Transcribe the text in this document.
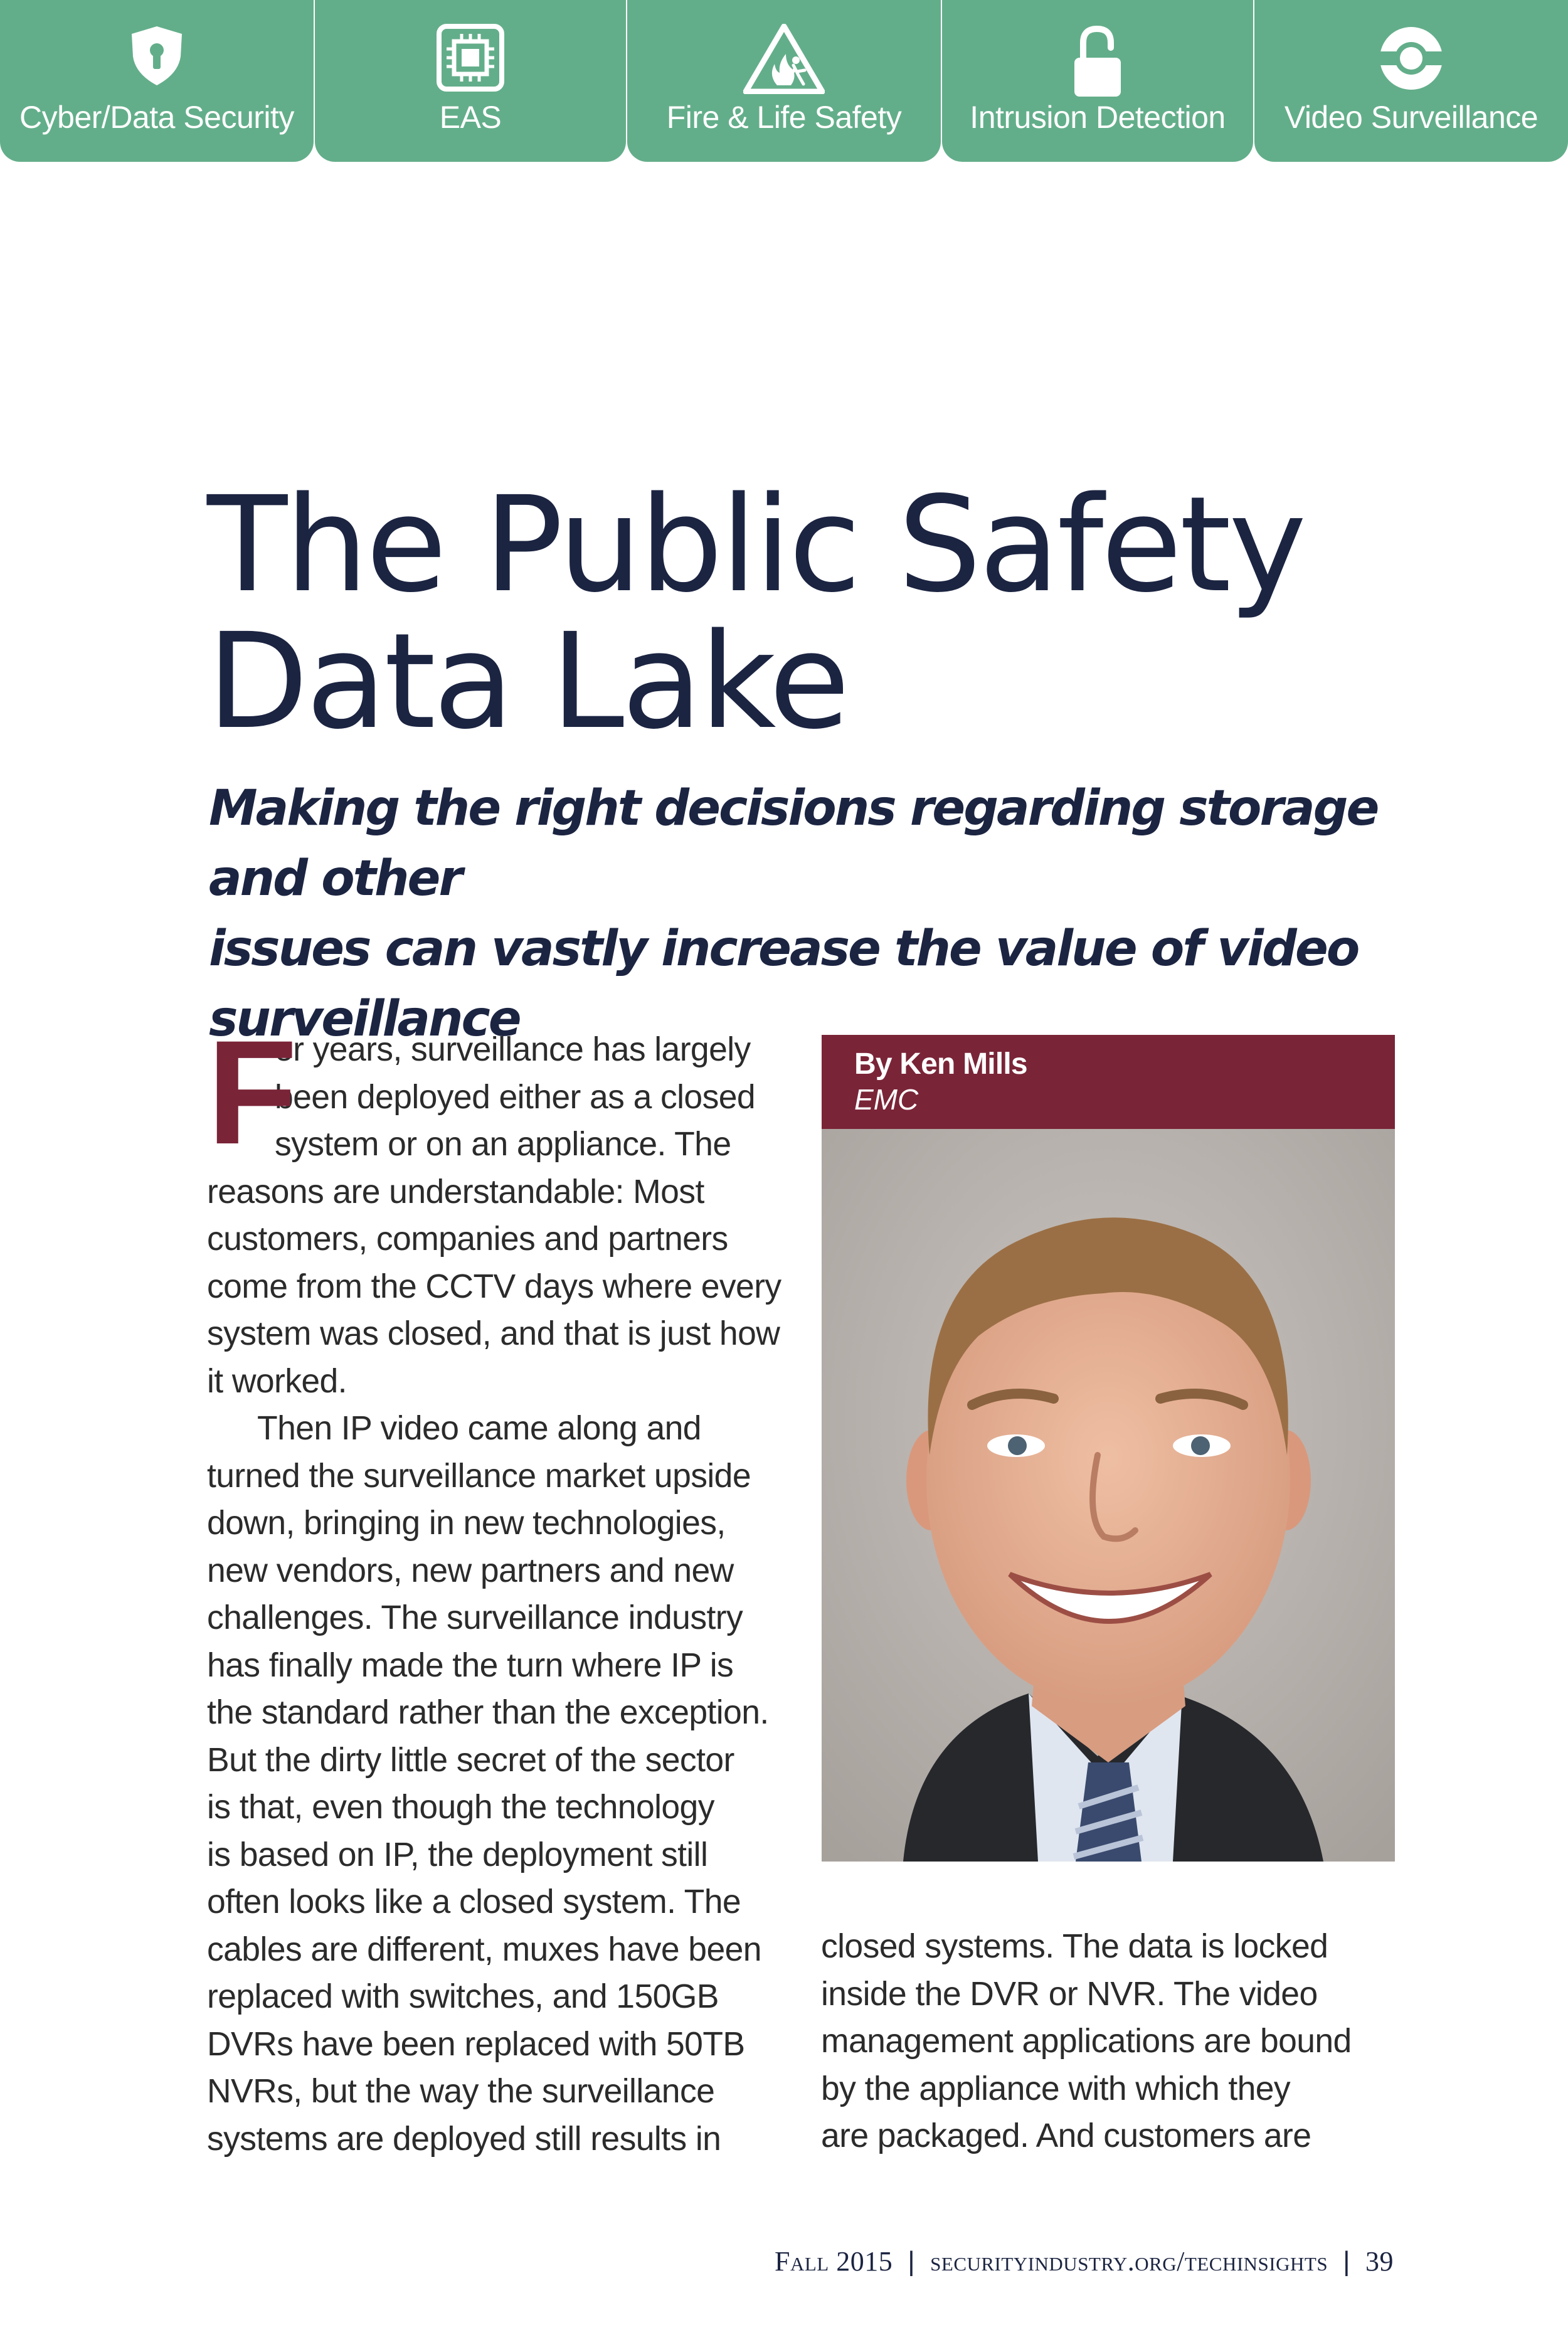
Cyber/Data Security	EAS	Fire & Life Safety	Intrusion Detection	Video Surveillance
The Public Safety
Data Lake
Making the right decisions regarding storage and other
issues can vastly increase the value of video surveillance

F
or years, surveillance has largely
been deployed either as a closed
system or on an appliance. The
reasons are understandable: Most
customers, companies and partners
come from the CCTV days where every
system was closed, and that is just how
it worked.

Then IP video came along and
turned the surveillance market upside
down, bringing in new technologies,
new vendors, new partners and new
challenges. The surveillance industry
has finally made the turn where IP is
the standard rather than the exception.
But the dirty little secret of the sector
is that, even though the technology
is based on IP, the deployment still
often looks like a closed system. The
cables are different, muxes have been
replaced with switches, and 150GB
DVRs have been replaced with 50TB
NVRs, but the way the surveillance
systems are deployed still results in

By Ken Mills
EMC

closed systems. The data is locked
inside the DVR or NVR. The video
management applications are bound
by the appliance with which they
are packaged. And customers are

Fall 2015 | securityindustry.org/techinsights | 39
